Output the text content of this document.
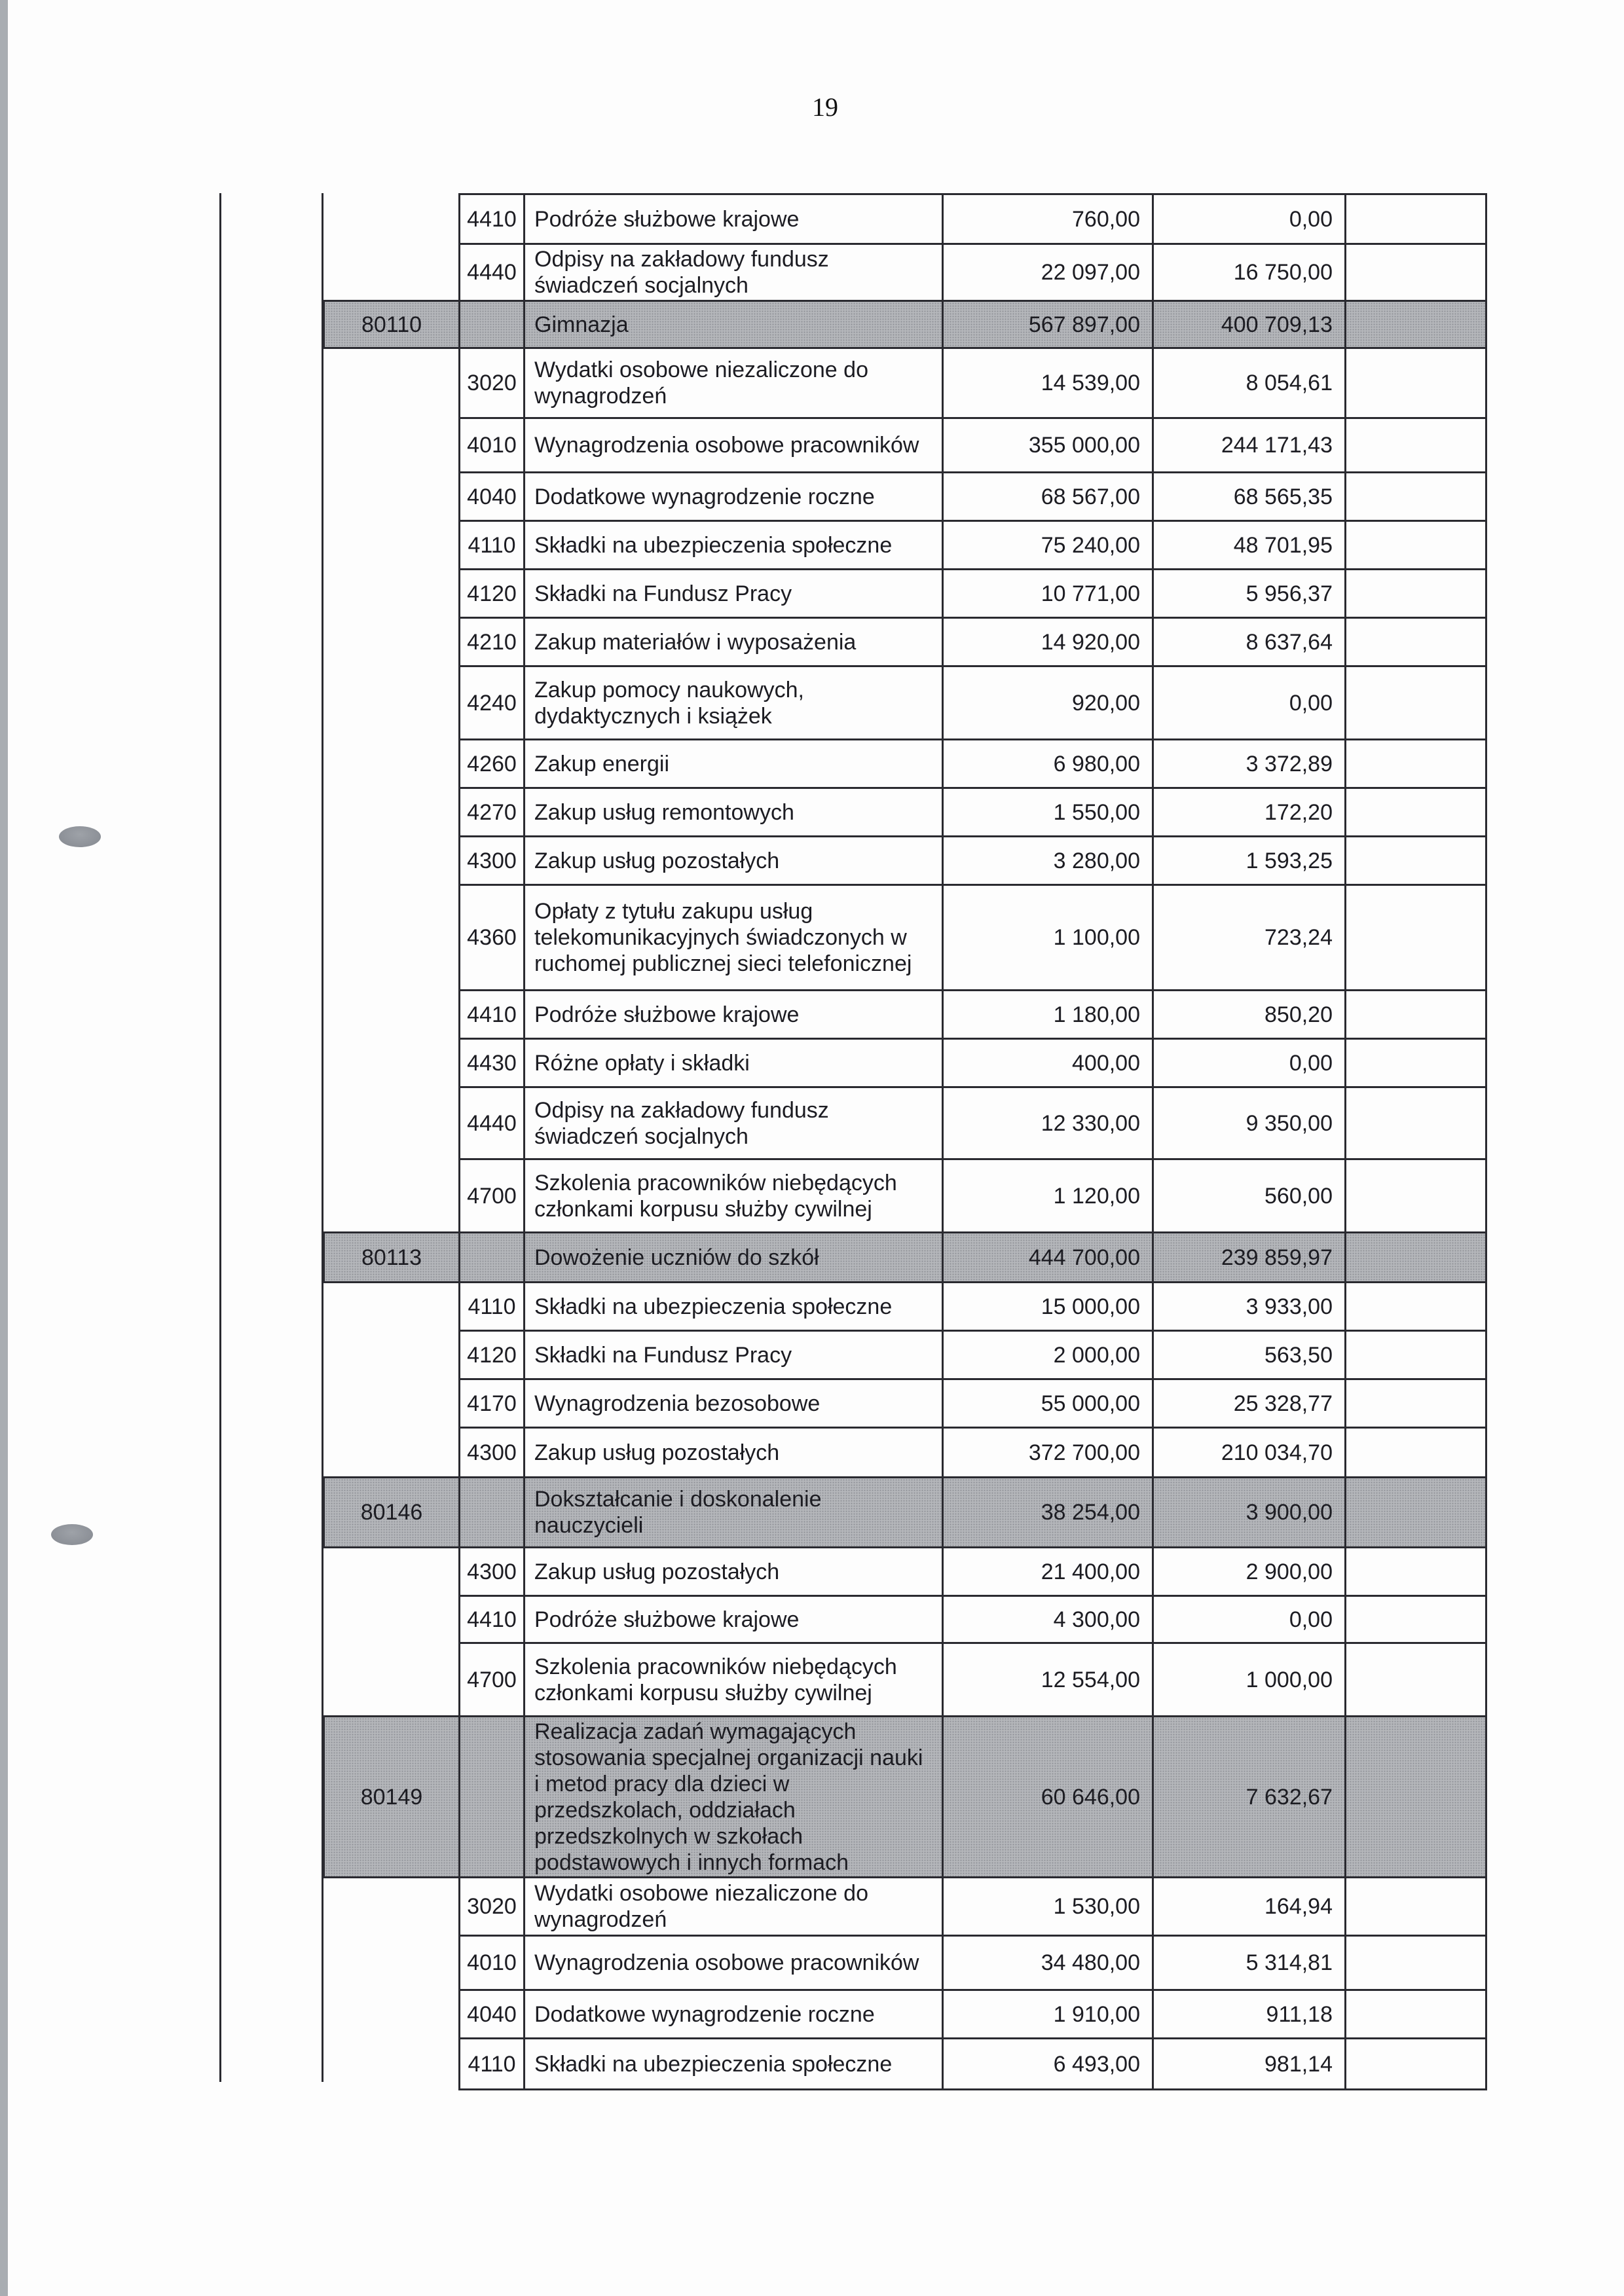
19
	4410	Podróże służbowe krajowe	760,00	0,00	
	4440	Odpisy na zakładowy fundusz świadczeń socjalnych	22 097,00	16 750,00	
80110		Gimnazja	567 897,00	400 709,13	
	3020	Wydatki osobowe niezaliczone do wynagrodzeń	14 539,00	8 054,61	
	4010	Wynagrodzenia osobowe pracowników	355 000,00	244 171,43	
	4040	Dodatkowe wynagrodzenie roczne	68 567,00	68 565,35	
	4110	Składki na ubezpieczenia społeczne	75 240,00	48 701,95	
	4120	Składki na Fundusz Pracy	10 771,00	5 956,37	
	4210	Zakup materiałów i wyposażenia	14 920,00	8 637,64	
	4240	Zakup pomocy naukowych, dydaktycznych i książek	920,00	0,00	
	4260	Zakup energii	6 980,00	3 372,89	
	4270	Zakup usług remontowych	1 550,00	172,20	
	4300	Zakup usług pozostałych	3 280,00	1 593,25	
	4360	Opłaty z tytułu zakupu usług telekomunikacyjnych świadczonych w ruchomej publicznej sieci telefonicznej	1 100,00	723,24	
	4410	Podróże służbowe krajowe	1 180,00	850,20	
	4430	Różne opłaty i składki	400,00	0,00	
	4440	Odpisy na zakładowy fundusz świadczeń socjalnych	12 330,00	9 350,00	
	4700	Szkolenia pracowników niebędących członkami korpusu służby cywilnej	1 120,00	560,00	
80113		Dowożenie uczniów do szkół	444 700,00	239 859,97	
	4110	Składki na ubezpieczenia społeczne	15 000,00	3 933,00	
	4120	Składki na Fundusz Pracy	2 000,00	563,50	
	4170	Wynagrodzenia bezosobowe	55 000,00	25 328,77	
	4300	Zakup usług pozostałych	372 700,00	210 034,70	
80146		Dokształcanie i doskonalenie nauczycieli	38 254,00	3 900,00	
	4300	Zakup usług pozostałych	21 400,00	2 900,00	
	4410	Podróże służbowe krajowe	4 300,00	0,00	
	4700	Szkolenia pracowników niebędących członkami korpusu służby cywilnej	12 554,00	1 000,00	
80149		Realizacja zadań wymagających stosowania specjalnej organizacji nauki i metod pracy dla dzieci w przedszkolach, oddziałach przedszkolnych w szkołach podstawowych i innych formach	60 646,00	7 632,67	
	3020	Wydatki osobowe niezaliczone do wynagrodzeń	1 530,00	164,94	
	4010	Wynagrodzenia osobowe pracowników	34 480,00	5 314,81	
	4040	Dodatkowe wynagrodzenie roczne	1 910,00	911,18	
	4110	Składki na ubezpieczenia społeczne	6 493,00	981,14	
